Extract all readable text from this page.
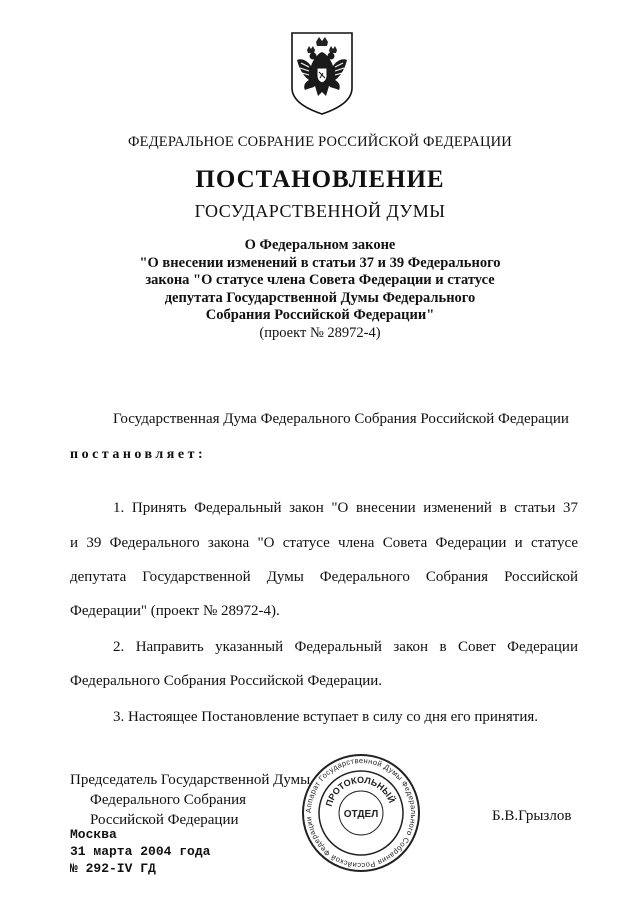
ФЕДЕРАЛЬНОЕ СОБРАНИЕ РОССИЙСКОЙ ФЕДЕРАЦИИ
ПОСТАНОВЛЕНИЕ
ГОСУДАРСТВЕННОЙ ДУМЫ
О Федеральном законе
"О внесении изменений в статьи 37 и 39 Федерального
закона "О статусе члена Совета Федерации и статусе
депутата Государственной Думы Федерального
Собрания Российской Федерации"
(проект № 28972-4)
Государственная Дума Федерального Собрания Российской Федерации
постановляет:
1. Принять Федеральный закон "О внесении изменений в статьи 37
и 39 Федерального закона "О статусе члена Совета Федерации и статусе
депутата Государственной Думы Федерального Собрания Российской
Федерации" (проект № 28972-4).
2. Направить указанный Федеральный закон в Совет Федерации
Федерального Собрания Российской Федерации.
3. Настоящее Постановление вступает в силу со дня его принятия.
Председатель Государственной Думы
Федерального Собрания
Российской Федерации	Б.В.Грызлов
Москва
31 марта 2004 года
№ 292-IV ГД
Аппарат Государственной Думы Федерального Собрания Российской Федерации
ПРОТОКОЛЬНЫЙ
ОТДЕЛ
